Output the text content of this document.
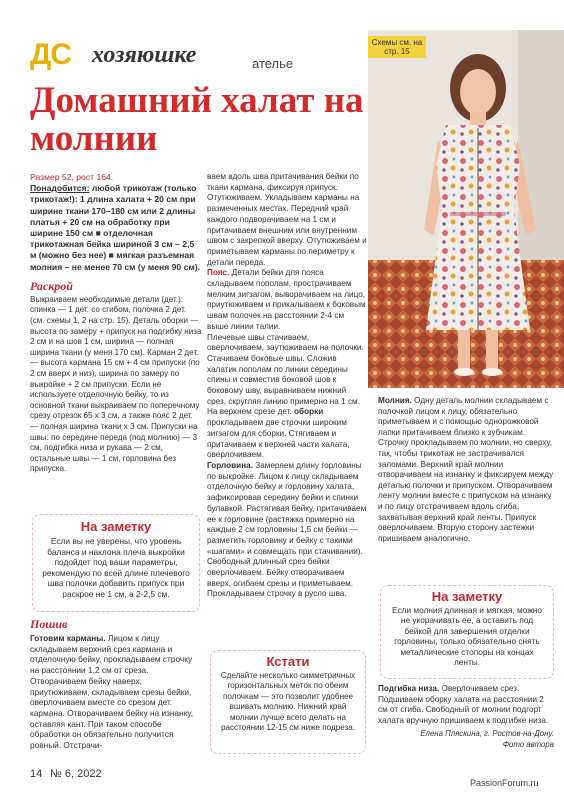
ДС хозяюшке	ателье
Домашний халат на молнии
Схемы см. на стр. 15

Размер 52, рост 164.

Понадобится: любой трикотаж (только трикотаж!): 1 длина халата + 20 см при ширине ткани 170–180 см или 2 длины платья + 20 см на обработку при ширине 150 см ■ отделочная трикотажная бейка шириной 3 см – 2,5 м (можно без нее) ■ мягкая разъемная молния – не менее 70 см (у меня 90 см).

Раскрой

Выкраиваем необходимые детали (дет.): спинка — 1 дет. со сгибом, полочка 2 дет. (см. схемы 1, 2 на стр. 15). Деталь оборки — высота по замеру + припуск на подгибку низа 2 см и на шов 1 см, ширина — полная ширина ткани (у меня 170 см). Карман 2 дет. — высота кармана 15 см + 4 см припуски (по 2 см вверх и низ), ширина по замеру по выкройке + 2 см припуски. Если не используете отделочную бейку, то из основной ткани выкраиваем по поперечному срезу отрезок 65 х 3 см, а также пояс 2 дет. — полная ширина ткани х 3 см. Припуски на швы: по середине переда (под молнию) — 3 см, подгибка низа и рукава — 2 см, остальные швы — 1 см, горловина без припуска.

На заметку
Если вы не уверены, что уровень баланса и наклона плеча выкройки подойдет под ваши параметры, рекомендую по всей длине плечевого шва полочки добавить припуск при раскрое не 1 см, а 2-2,5 см.
Пошив

Готовим карманы. Лицом к лицу складываем верхний срез кармана и отделочную бейку, прокладываем строчку на расстоянии 1,2 см от среза. Отворачиваем бейку наверх, приутюживаем, складываем срезы бейки, оверлочиваем вместе со срезом дет. кармана. Отворачиваем бейку на изнанку, оставляя кант. При таком способе обработки он обязательно получится ровный. Отстрачи-

ваем вдоль шва притачивания бейки по ткани кармана, фиксируя припуск. Отутюживаем. Укладываем карманы на размеченных местах. Передний край каждого подворачиваем на 1 см и притачиваем внешним или внутренним швом с закрепкой вверху. Отутюживаем и приметываем карманы по периметру к детали переда.

Пояс. Детали бейки для пояса складываем пополам, прострачиваем мелким зигзагом, выворачиваем на лицо, приутюживаем и прикалываем к боковым швам полочек на расстоянии 2-4 см выше линии талии.

Плечевые швы стачиваем, оверлочиваем, заутюживаем на полочки. Стачиваем боковые швы. Сложив халатик пополам по линии середины спины и совместив боковой шов к боковому шву, выравниваем нижний срез, скругляя линию примерно на 1 см.

На верхнем срезе дет. оборки прокладываем две строчки широким зигзагом для сборки. Стягиваем и притачиваем к верхней части халата, оверлочиваем.

Горловина. Замеряем длину горловины по выкройке. Лицом к лицу складываем отделочную бейку и горловину халата, зафиксировав середину бейки и спинки булавкой. Растягивая бейку, притачиваем ее к горловине (растяжка примерно на каждые 2 см горловины 1,5 см бейки — разметить горловину и бейку с такими «шагами» и совмещать при стачивании). Свободный длинный срез бейки оверлочиваем. Бейку отворачиваем вверх, огибаем срезы и приметываем. Прокладываем строчку в русло шва.

Кстати
Сделайте несколько симметричных горизонтальных меток по обеим полочкам — это позволит удобнее вшивать молнию. Нижний край молнии лучше всего делать на расстоянии 12-15 см ниже подреза.

Молния. Одну деталь молнии складываем с полочкой лицом к лицу, обязательно приметываем и с помощью однорожковой лапки притачиваем близко к зубчикам. Строчку прокладываем по молнии, но сверху, так, чтобы трикотаж не застрачивался заломами. Верхний край молнии отворачиваем на изнанку и фиксируем между деталью полочки и припуском. Отворачиваем ленту молнии вместе с припуском на изнанку и по лицу отстрачиваем вдоль сгиба, захватывая верхний край ленты. Припуск оверлочиваем. Вторую сторону застежки пришиваем аналогично.

На заметку
Если молния длинная и мягкая, можно не укорачивать ее, а оставить под бейкой для завершения отделки горловины, только обязательно снять металлические стопоры на концах ленты.

Подгибка низа. Оверлочиваем срез. Подшиваем оборку халата на расстоянии 2 см от сгиба. Свободный от молнии подгорт халата вручную пришиваем к подгибке низа.

Елена Пляскина, г. Ростов-на-Дону.

Фото автора

14 № 6, 2022
PassionForum.ru
